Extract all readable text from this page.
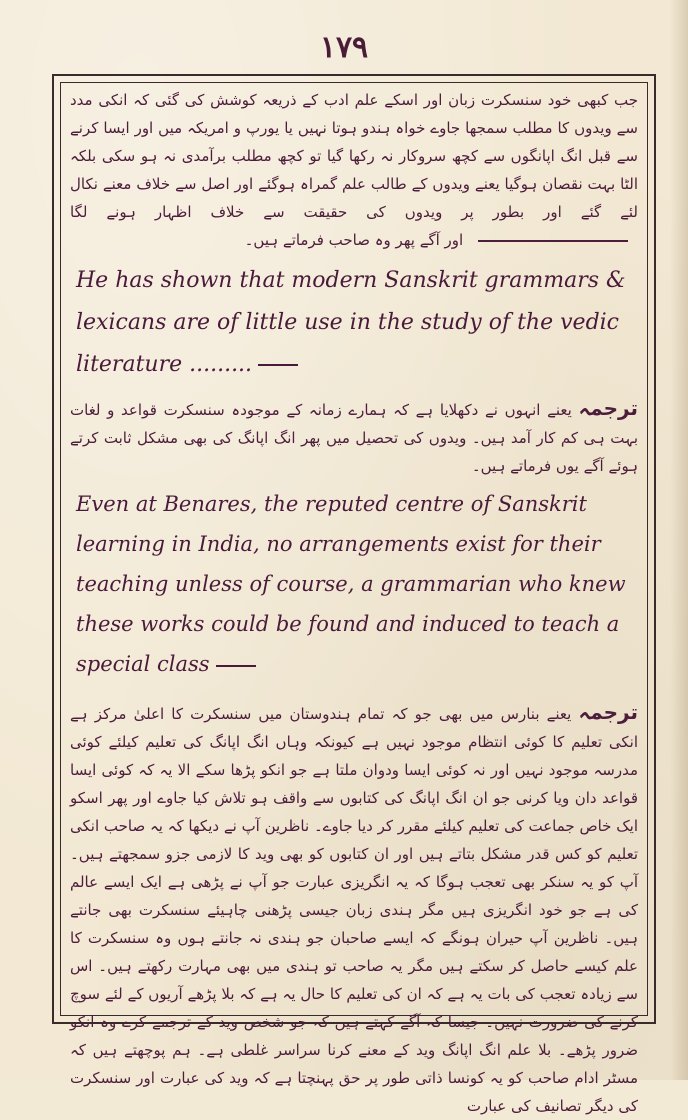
۱۷۹

جب کبھی خود سنسکرت زبان اور اسکے علم ادب کے ذریعہ کوشش کی گئی کہ انکی مدد سے ویدوں کا مطلب سمجھا جاوے خواہ ہندو ہوتا نہیں یا یورپ و امریکہ میں اور ایسا کرنے سے قبل انگ اپانگوں سے کچھ سروکار نہ رکھا گیا تو کچھ مطلب برآمدی نہ ہو سکی بلکہ الٹا بہت نقصان ہوگیا یعنے ویدوں کے طالب علم گمراہ ہوگئے اور اصل سے خلاف معنے نکال لئے گئے اور بطور پر ویدوں کی حقیقت سے خلاف اظہار ہونے لگا  اور آگے پھر وہ صاحب فرماتے ہیں۔

He has shown that modern Sanskrit grammars & lexicans are of little use in the study of the vedic literature .........

ترجمہ یعنے انہوں نے دکھلایا ہے کہ ہمارے زمانہ کے موجودہ سنسکرت قواعد و لغات بہت ہی کم کار آمد ہیں۔ ویدوں کی تحصیل میں پھر انگ اپانگ کی بھی مشکل ثابت کرتے ہوئے آگے یوں فرماتے ہیں۔

Even at Benares, the reputed centre of Sanskrit learning in India, no arrangements exist for their teaching unless of course, a grammarian who knew these works could be found and induced to teach a special class

ترجمہ یعنے بنارس میں بھی جو کہ تمام ہندوستان میں سنسکرت کا اعلیٰ مرکز ہے انکی تعلیم کا کوئی انتظام موجود نہیں ہے کیونکہ وہاں انگ اپانگ کی تعلیم کیلئے کوئی مدرسہ موجود نہیں اور نہ کوئی ایسا ودوان ملتا ہے جو انکو پڑھا سکے الا یہ کہ کوئی ایسا قواعد دان ویا کرنی جو ان انگ اپانگ کی کتابوں سے واقف ہو تلاش کیا جاوے اور پھر اسکو ایک خاص جماعت کی تعلیم کیلئے مقرر کر دیا جاوے۔ ناظرین آپ نے دیکھا کہ یہ صاحب انکی تعلیم کو کس قدر مشکل بتاتے ہیں اور ان کتابوں کو بھی وید کا لازمی جزو سمجھتے ہیں۔ آپ کو یہ سنکر بھی تعجب ہوگا کہ یہ انگریزی عبارت جو آپ نے پڑھی ہے ایک ایسے عالم کی ہے جو خود انگریزی ہیں مگر ہندی زبان جیسی پڑھنی چاہیئے سنسکرت بھی جانتے ہیں۔ ناظرین آپ حیران ہونگے کہ ایسے صاحبان جو ہندی نہ جانتے ہوں وہ سنسکرت کا علم کیسے حاصل کر سکتے ہیں مگر یہ صاحب تو ہندی میں بھی مہارت رکھتے ہیں۔ اس سے زیادہ تعجب کی بات یہ ہے کہ ان کی تعلیم کا حال یہ ہے کہ بلا پڑھے آریوں کے لئے سوچ کرنے کی ضرورت نہیں۔ جیسا کہ آگے کہتے ہیں کہ جو شخص وید کے ترجمے کرے وہ انکو ضرور پڑھے۔ بلا علم انگ اپانگ وید کے معنے کرنا سراسر غلطی ہے۔ ہم پوچھتے ہیں کہ مسٹر ادام صاحب کو یہ کونسا ذاتی طور پر حق پہنچتا ہے کہ وید کی عبارت اور سنسکرت کی دیگر تصانیف کی عبارت
